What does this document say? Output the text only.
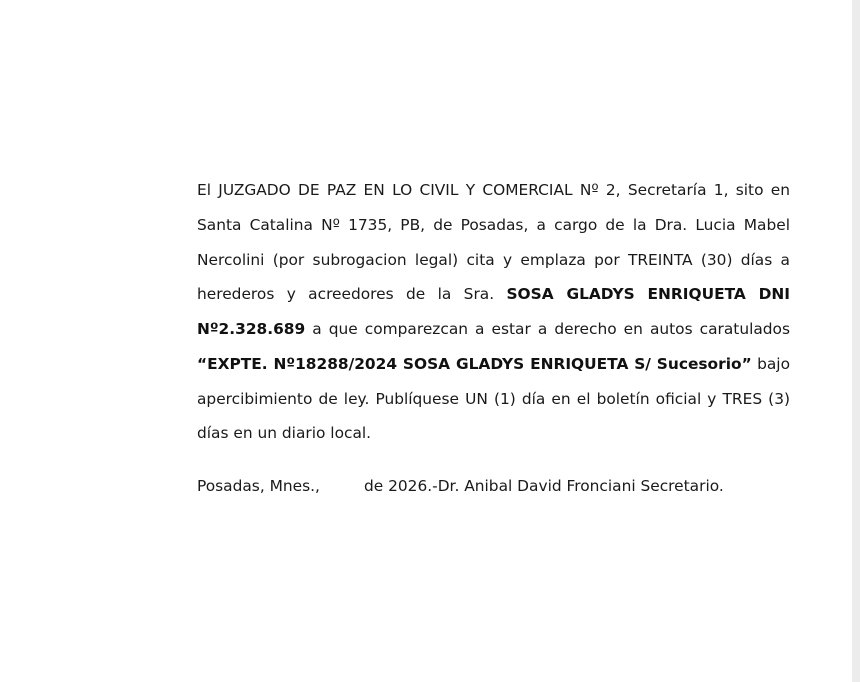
El JUZGADO DE PAZ EN LO CIVIL Y COMERCIAL Nº 2, Secretaría 1, sito en Santa Catalina Nº 1735, PB, de Posadas, a cargo de la Dra. Lucia Mabel Nercolini (por subrogacion legal) cita y emplaza por TREINTA (30) días a herederos y acreedores de la Sra. SOSA GLADYS ENRIQUETA DNI Nº2.328.689 a que comparezcan a estar a derecho en autos caratulados “EXPTE. Nº18288/2024 SOSA GLADYS ENRIQUETA S/ Sucesorio” bajo apercibimiento de ley. Publíquese UN (1) día en el boletín oficial y TRES (3) días en un diario local.

Posadas, Mnes.,	de 2026.-Dr. Anibal David Fronciani Secretario.
